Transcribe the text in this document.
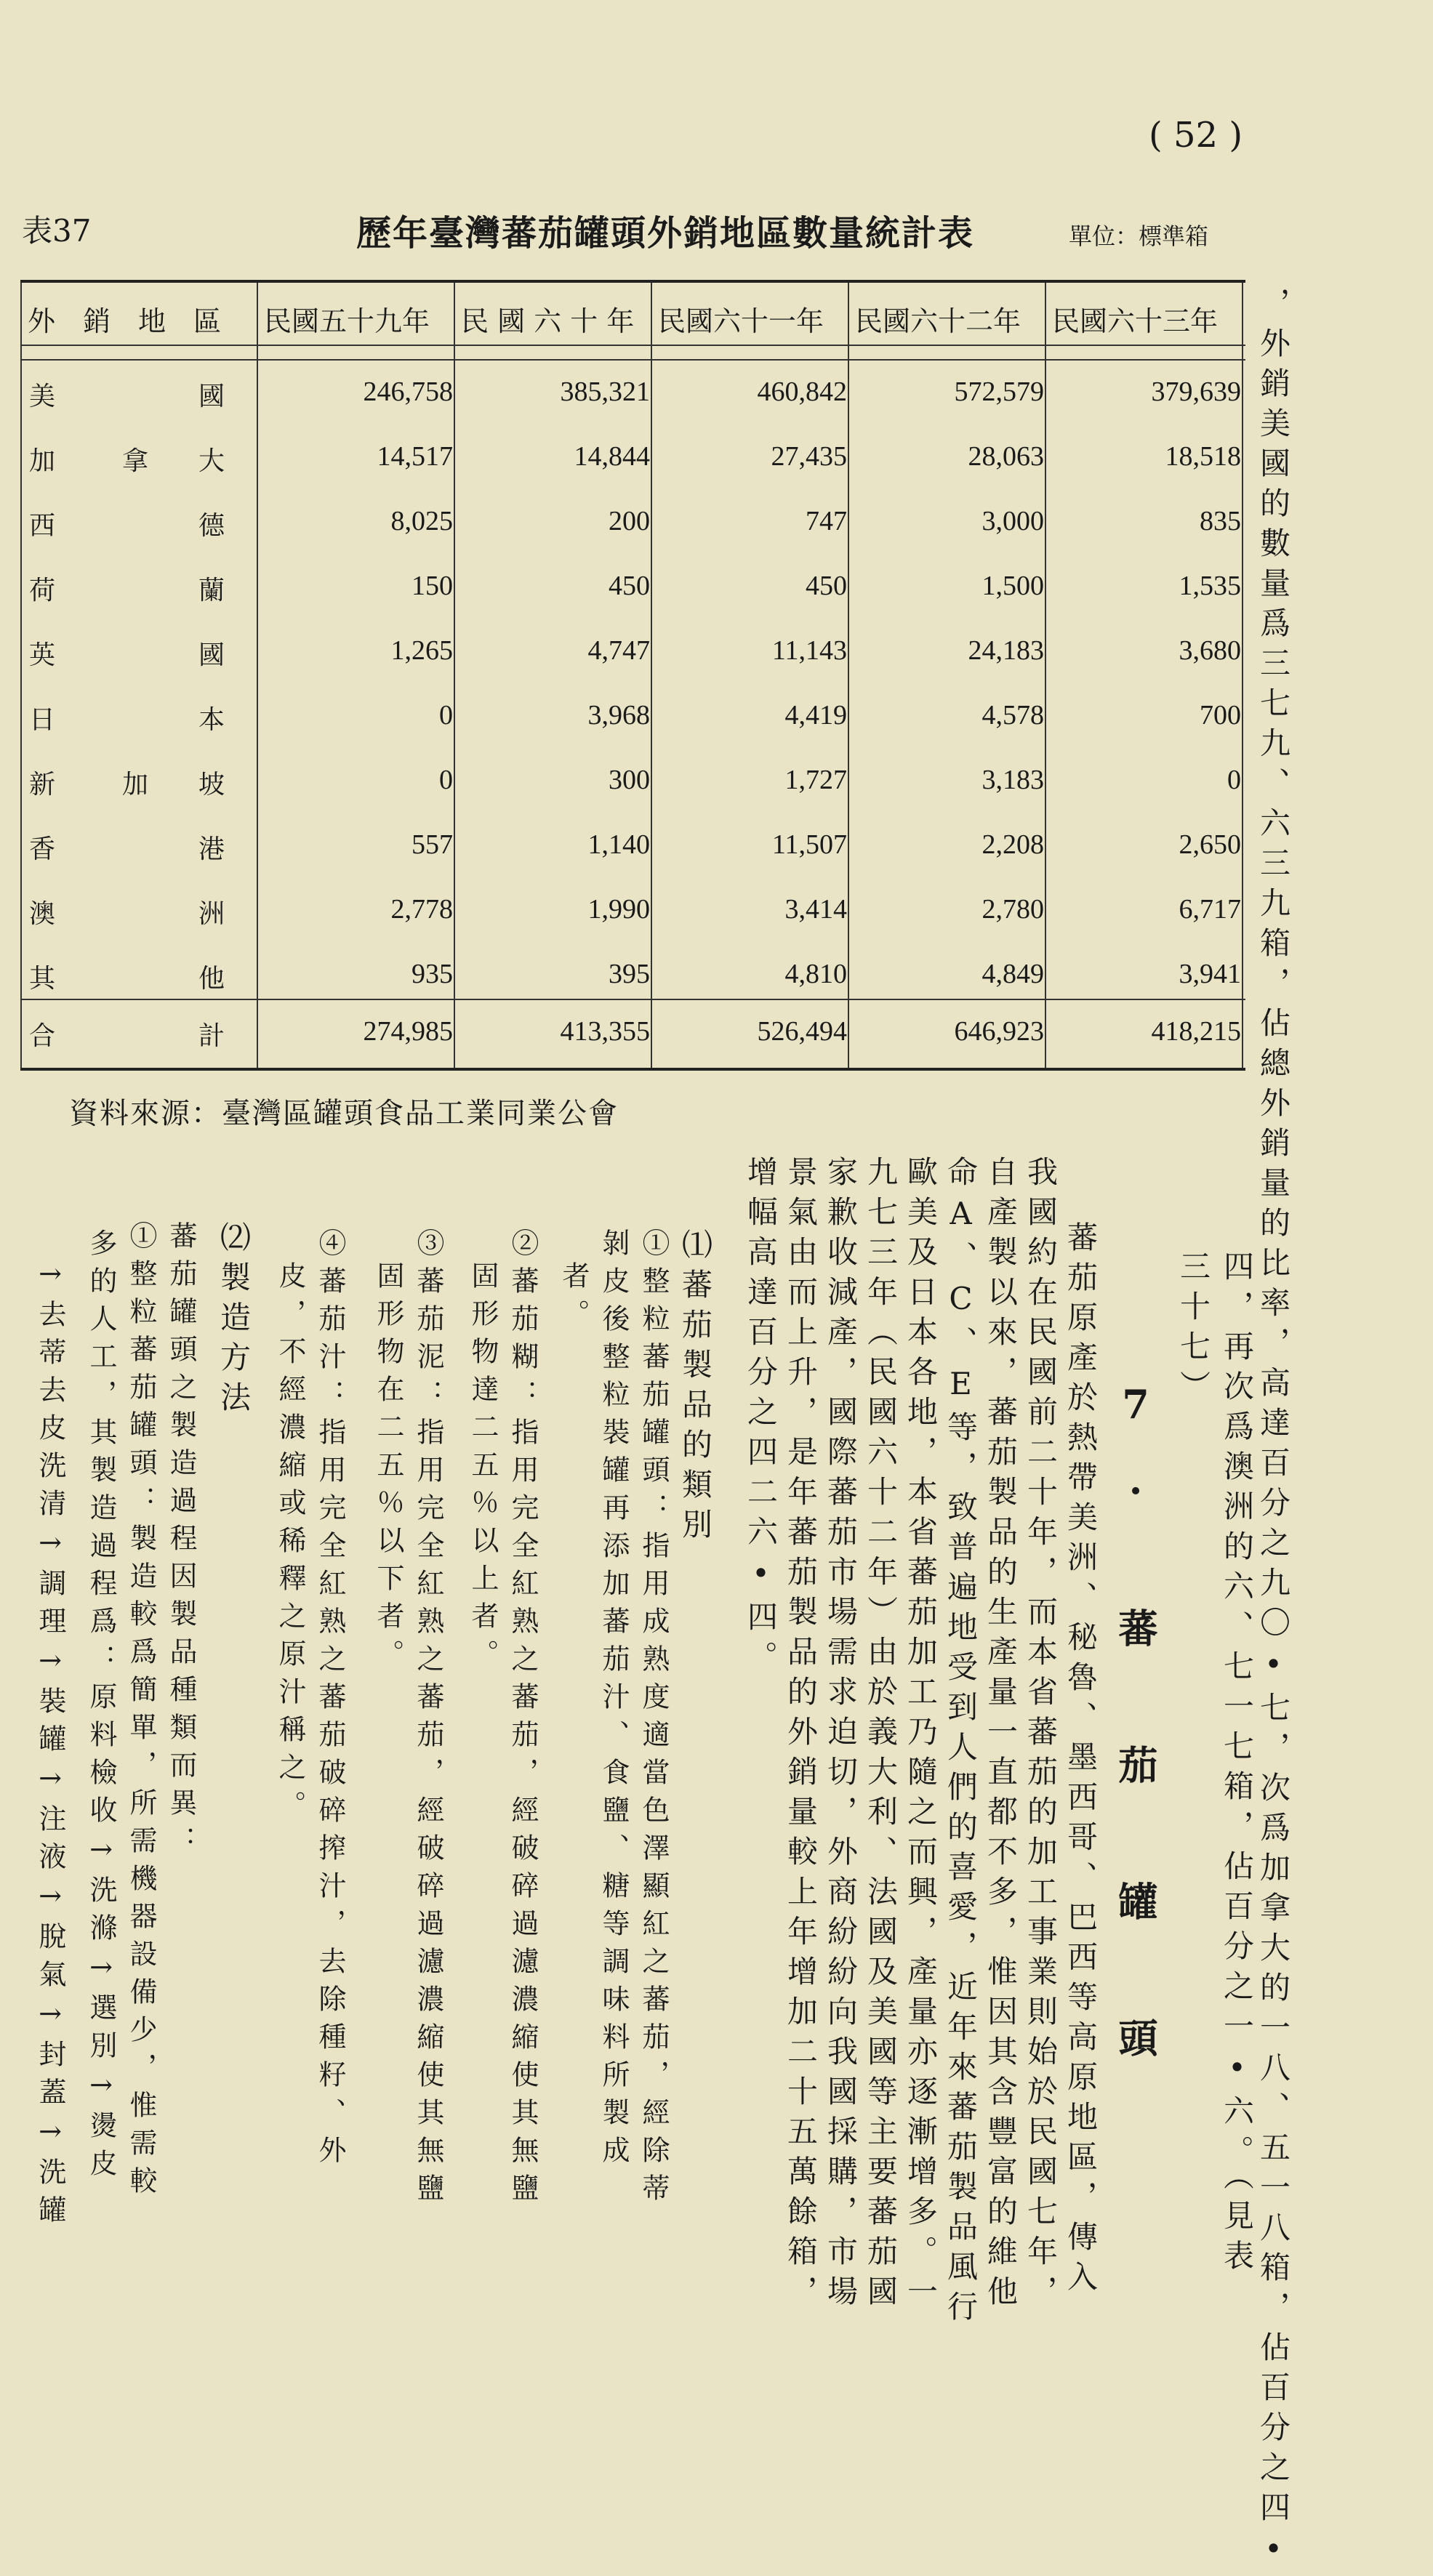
( 52 )
表37	歷年臺灣蕃茄罐頭外銷地區數量統計表	單位：標準箱
外　銷　地　區 民國五十九年 民 國 六 十 年 民國六十一年 民國六十二年 民國六十三年
美	國	246,758	385,321	460,842	572,579	379,639
加	拿 大	14,517	14,844	27,435	28,063	18,518
西	德	8,025	200	747	3,000	835
荷	蘭	150	450	450	1,500	1,535
英	國	1,265	4,747	11,143	24,183	3,680
日	本	0	3,968	4,419	4,578	700
新	加 坡	0	300	1,727	3,183	0
香	港	557	1,140	11,507	2,208	2,650
澳	洲	2,778	1,990	3,414	2,780	6,717
其	他	935	395	4,810	4,849	3,941
合	計	274,985	413,355	526,494	646,923	418,215
資料來源：臺灣區罐頭食品工業同業公會	，外銷美國的數量爲三七九、六三九箱，佔總外銷量的比率，高達百分之九〇•七，次爲加拿大的一八、五一八箱，佔百分之四•
四，再次爲澳洲的六、七一七箱，佔百分之一•六。（見表
三十七）
7. 蕃　茄　罐　頭
蕃茄原產於熱帶美洲、秘魯、墨西哥、巴西等高原地區，傳入
我國約在民國前二十年，而本省蕃茄的加工事業則始於民國七年，
自產製以來，蕃茄製品的生產量一直都不多，惟因其含豐富的維他
命A、C、E等，致普遍地受到人們的喜愛，近年來蕃茄製品風行
歐美及日本各地，本省蕃茄加工乃隨之而興，產量亦逐漸增多。一
九七三年（民國六十二年）由於義大利、法國及美國等主要蕃茄國
家歉收減產，國際蕃茄市場需求迫切，外商紛紛向我國採購，市場
景氣由而上升，是年蕃茄製品的外銷量較上年增加二十五萬餘箱，
增幅高達百分之四二六•四。
⑴蕃茄製品的類別
①整粒蕃茄罐頭：指用成熟度適當色澤顯紅之蕃茄，經除蒂
剝皮後整粒裝罐再添加蕃茄汁、食鹽、糖等調味料所製成
者。
②蕃茄糊：指用完全紅熟之蕃茄，經破碎過濾濃縮使其無鹽
固形物達二五％以上者。
③蕃茄泥：指用完全紅熟之蕃茄，經破碎過濾濃縮使其無鹽
固形物在二五％以下者。
④蕃茄汁：指用完全紅熟之蕃茄破碎搾汁，去除種籽、外
皮，不經濃縮或稀釋之原汁稱之。
⑵製造方法
蕃茄罐頭之製造過程因製品種類而異：
①整粒蕃茄罐頭：製造較爲簡單，所需機器設備少，惟需較
多的人工，其製造過程爲：原料檢收→洗滌→選別→燙皮
→去蒂去皮洗清→調理→裝罐→注液→脫氣→封蓋→洗罐
